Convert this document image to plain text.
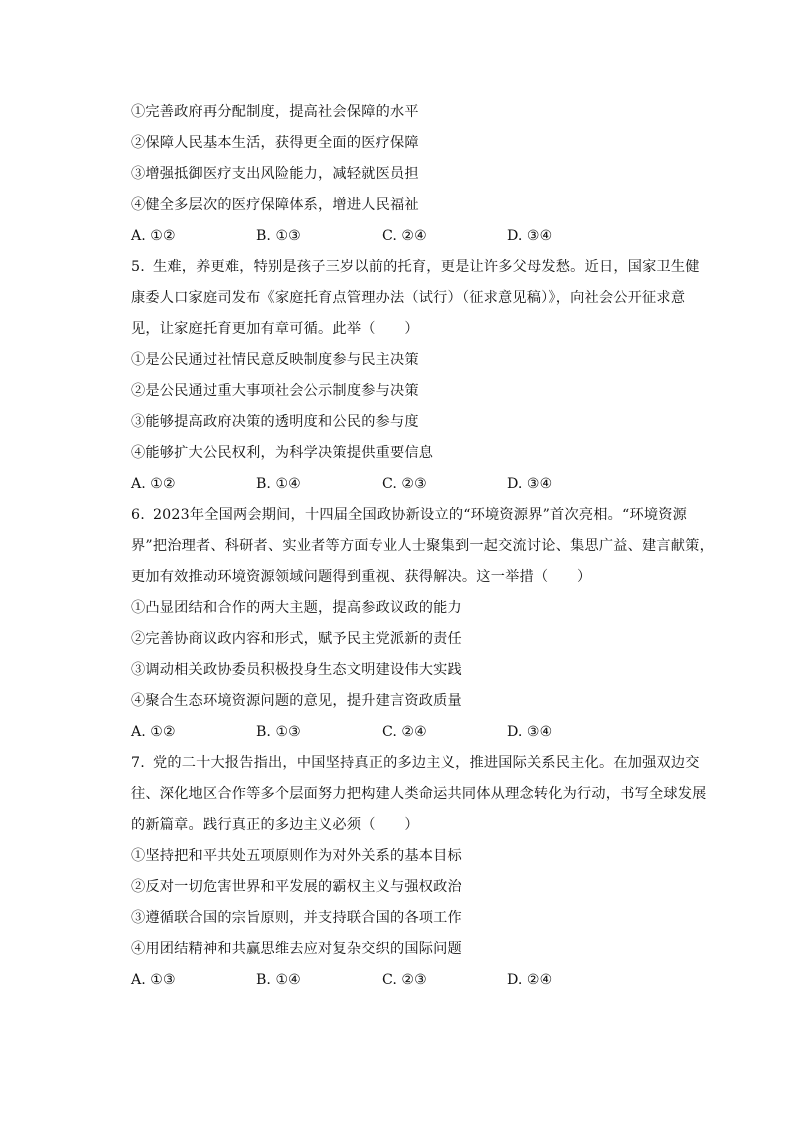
①完善政府再分配制度，提高社会保障的水平
②保障人民基本生活，获得更全面的医疗保障
③增强抵御医疗支出风险能力，减轻就医员担
④健全多层次的医疗保障体系，增进人民福祉
A. ①②	B. ①③	C. ②④	D. ③④
5. 生难，养更难，特别是孩子三岁以前的托育，更是让许多父母发愁。近日，国家卫生健
康委人口家庭司发布《家庭托育点管理办法（试行）（征求意见稿）》，向社会公开征求意
见，让家庭托育更加有章可循。此举（　　）
①是公民通过社情民意反映制度参与民主决策
②是公民通过重大事项社会公示制度参与决策
③能够提高政府决策的透明度和公民的参与度
④能够扩大公民权利，为科学决策提供重要信息
A. ①②	B. ①④	C. ②③	D. ③④
6. 2023年全国两会期间，十四届全国政协新设立的“环境资源界”首次亮相。“环境资源
界”把治理者、科研者、实业者等方面专业人士聚集到一起交流讨论、集思广益、建言献策，
更加有效推动环境资源领域问题得到重视、获得解决。这一举措（　　）
①凸显团结和合作的两大主题，提高参政议政的能力
②完善协商议政内容和形式，赋予民主党派新的责任
③调动相关政协委员积极投身生态文明建设伟大实践
④聚合生态环境资源问题的意见，提升建言资政质量
A. ①②	B. ①③	C. ②④	D. ③④
7. 党的二十大报告指出，中国坚持真正的多边主义，推进国际关系民主化。在加强双边交
往、深化地区合作等多个层面努力把构建人类命运共同体从理念转化为行动，书写全球发展
的新篇章。践行真正的多边主义必须（　　）
①坚持把和平共处五项原则作为对外关系的基本目标
②反对一切危害世界和平发展的霸权主义与强权政治
③遵循联合国的宗旨原则，并支持联合国的各项工作
④用团结精神和共赢思维去应对复杂交织的国际问题
A. ①③	B. ①④	C. ②③	D. ②④
